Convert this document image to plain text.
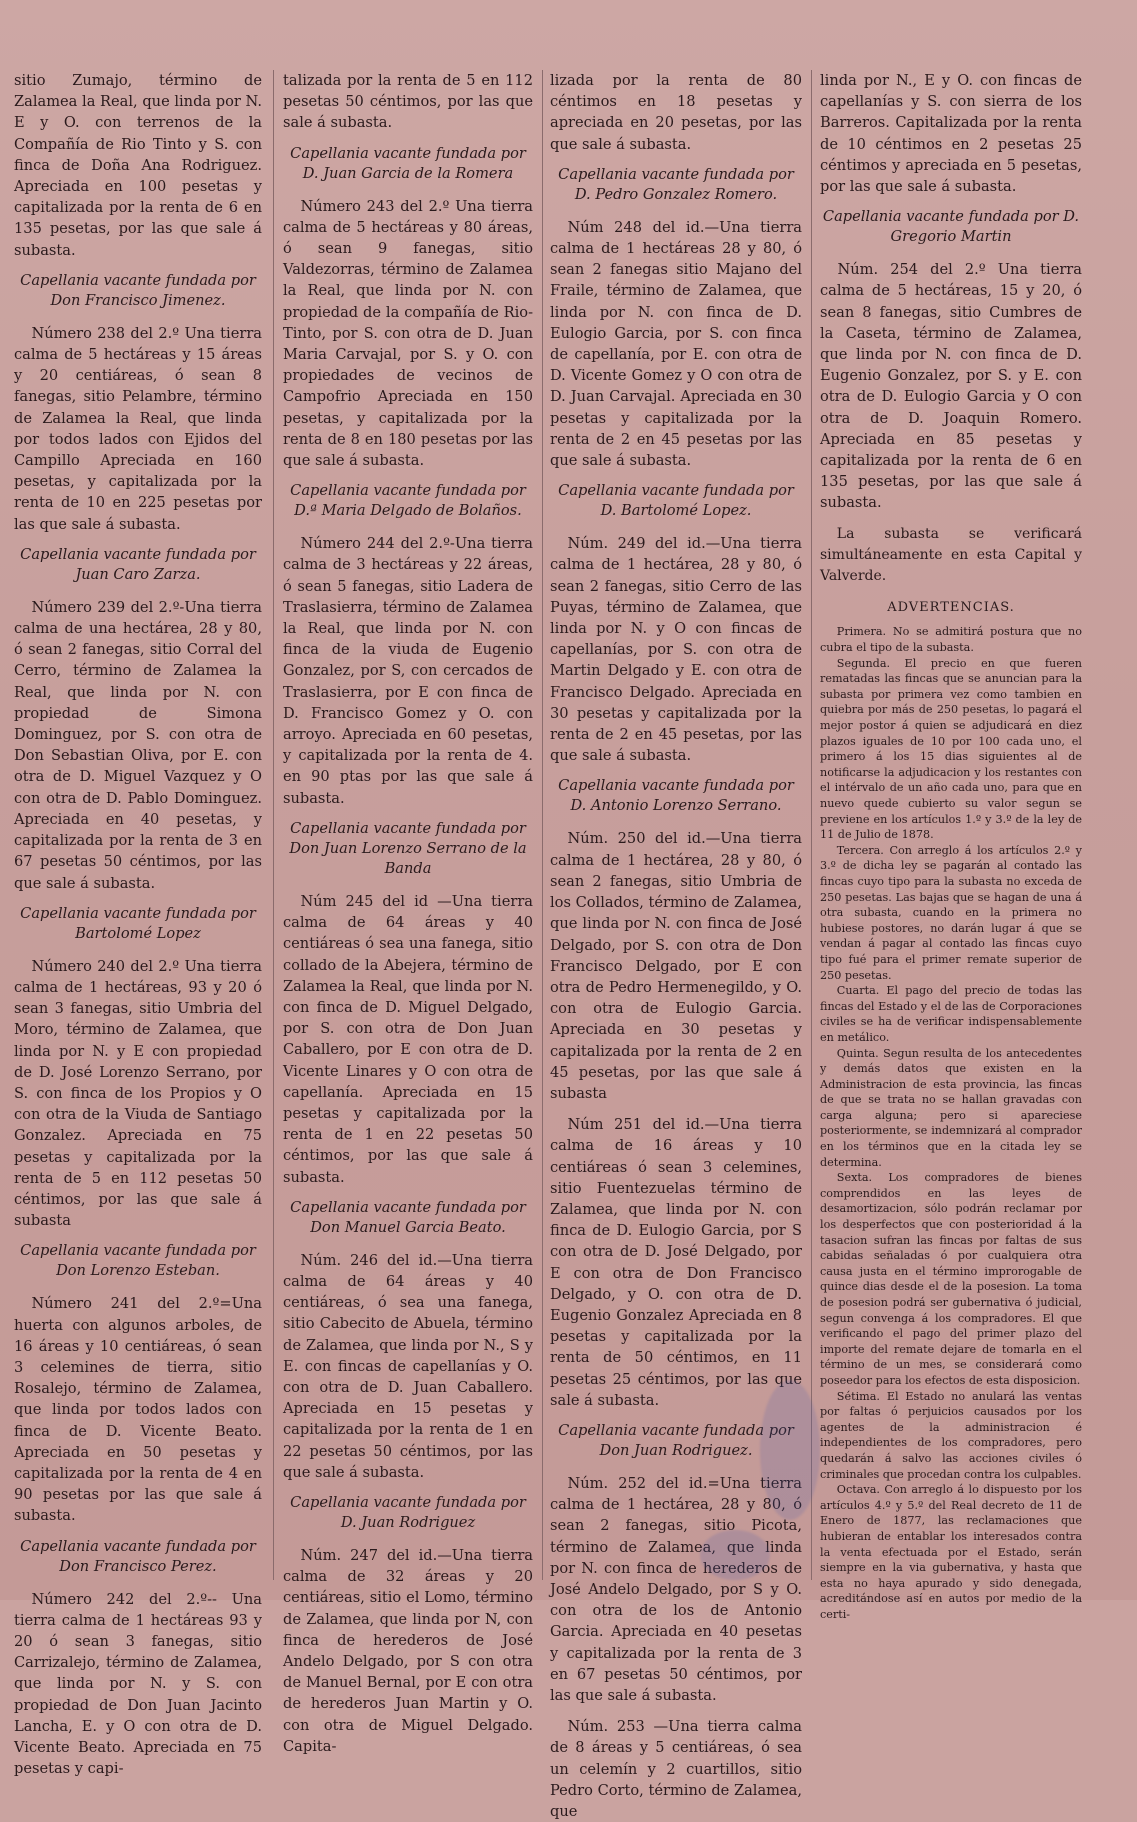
sitio Zumajo, término de Zalamea la Real, que linda por N. E y O. con terrenos de la Compañía de Rio Tinto y S. con finca de Doña Ana Rodriguez. Apreciada en 100 pesetas y capitalizada por la renta de 6 en 135 pesetas, por las que sale á subasta.

Capellania vacante fundada por Don Francisco Jimenez.

Número 238 del 2.º Una tierra calma de 5 hectáreas y 15 áreas y 20 centiáreas, ó sean 8 fanegas, sitio Pelambre, término de Zalamea la Real, que linda por todos lados con Ejidos del Campillo Apreciada en 160 pesetas, y capitalizada por la renta de 10 en 225 pesetas por las que sale á subasta.

Capellania vacante fundada por Juan Caro Zarza.

Número 239 del 2.º-Una tierra calma de una hectárea, 28 y 80, ó sean 2 fanegas, sitio Corral del Cerro, término de Zalamea la Real, que linda por N. con propiedad de Simona Dominguez, por S. con otra de Don Sebastian Oliva, por E. con otra de D. Miguel Vazquez y O con otra de D. Pablo Dominguez. Apreciada en 40 pesetas, y capitalizada por la renta de 3 en 67 pesetas 50 céntimos, por las que sale á subasta.

Capellania vacante fundada por Bartolomé Lopez

Número 240 del 2.º Una tierra calma de 1 hectáreas, 93 y 20 ó sean 3 fanegas, sitio Umbria del Moro, término de Zalamea, que linda por N. y E con propiedad de D. José Lorenzo Serrano, por S. con finca de los Propios y O con otra de la Viuda de Santiago Gonzalez. Apreciada en 75 pesetas y capitalizada por la renta de 5 en 112 pesetas 50 céntimos, por las que sale á subasta

Capellania vacante fundada por Don Lorenzo Esteban.

Número 241 del 2.º=Una huerta con algunos arboles, de 16 áreas y 10 centiáreas, ó sean 3 celemines de tierra, sitio Rosalejo, término de Zalamea, que linda por todos lados con finca de D. Vicente Beato. Apreciada en 50 pesetas y capitalizada por la renta de 4 en 90 pesetas por las que sale á subasta.

Capellania vacante fundada por Don Francisco Perez.

Número 242 del 2.º-- Una tierra calma de 1 hectáreas 93 y 20 ó sean 3 fanegas, sitio Carrizalejo, término de Zalamea, que linda por N. y S. con propiedad de Don Juan Jacinto Lancha, E. y O con otra de D. Vicente Beato. Apreciada en 75 pesetas y capi-

talizada por la renta de 5 en 112 pesetas 50 céntimos, por las que sale á subasta.

Capellania vacante fundada por D. Juan Garcia de la Romera

Número 243 del 2.º Una tierra calma de 5 hectáreas y 80 áreas, ó sean 9 fanegas, sitio Valdezorras, término de Zalamea la Real, que linda por N. con propiedad de la compañía de Rio-Tinto, por S. con otra de D. Juan Maria Carvajal, por S. y O. con propiedades de vecinos de Campofrio Apreciada en 150 pesetas, y capitalizada por la renta de 8 en 180 pesetas por las que sale á subasta.

Capellania vacante fundada por D.ª Maria Delgado de Bolaños.

Número 244 del 2.º-Una tierra calma de 3 hectáreas y 22 áreas, ó sean 5 fanegas, sitio Ladera de Traslasierra, término de Zalamea la Real, que linda por N. con finca de la viuda de Eugenio Gonzalez, por S, con cercados de Traslasierra, por E con finca de D. Francisco Gomez y O. con arroyo. Apreciada en 60 pesetas, y capitalizada por la renta de 4. en 90 ptas por las que sale á subasta.

Capellania vacante fundada por Don Juan Lorenzo Serrano de la Banda

Núm 245 del id —Una tierra calma de 64 áreas y 40 centiáreas ó sea una fanega, sitio collado de la Abejera, término de Zalamea la Real, que linda por N. con finca de D. Miguel Delgado, por S. con otra de Don Juan Caballero, por E con otra de D. Vicente Linares y O con otra de capellanía. Apreciada en 15 pesetas y capitalizada por la renta de 1 en 22 pesetas 50 céntimos, por las que sale á subasta.

Capellania vacante fundada por Don Manuel Garcia Beato.

Núm. 246 del id.—Una tierra calma de 64 áreas y 40 centiáreas, ó sea una fanega, sitio Cabecito de Abuela, término de Zalamea, que linda por N., S y E. con fincas de capellanías y O. con otra de D. Juan Caballero. Apreciada en 15 pesetas y capitalizada por la renta de 1 en 22 pesetas 50 céntimos, por las que sale á subasta.

Capellania vacante fundada por D. Juan Rodriguez

Núm. 247 del id.—Una tierra calma de 32 áreas y 20 centiáreas, sitio el Lomo, término de Zalamea, que linda por N, con finca de herederos de José Andelo Delgado, por S con otra de Manuel Bernal, por E con otra de herederos Juan Martin y O. con otra de Miguel Delgado. Capita-

lizada por la renta de 80 céntimos en 18 pesetas y apreciada en 20 pesetas, por las que sale á subasta.

Capellania vacante fundada por D. Pedro Gonzalez Romero.

Núm 248 del id.—Una tierra calma de 1 hectáreas 28 y 80, ó sean 2 fanegas sitio Majano del Fraile, término de Zalamea, que linda por N. con finca de D. Eulogio Garcia, por S. con finca de capellanía, por E. con otra de D. Vicente Gomez y O con otra de D. Juan Carvajal. Apreciada en 30 pesetas y capitalizada por la renta de 2 en 45 pesetas por las que sale á subasta.

Capellania vacante fundada por D. Bartolomé Lopez.

Núm. 249 del id.—Una tierra calma de 1 hectárea, 28 y 80, ó sean 2 fanegas, sitio Cerro de las Puyas, término de Zalamea, que linda por N. y O con fincas de capellanías, por S. con otra de Martin Delgado y E. con otra de Francisco Delgado. Apreciada en 30 pesetas y capitalizada por la renta de 2 en 45 pesetas, por las que sale á subasta.

Capellania vacante fundada por D. Antonio Lorenzo Serrano.

Núm. 250 del id.—Una tierra calma de 1 hectárea, 28 y 80, ó sean 2 fanegas, sitio Umbria de los Collados, término de Zalamea, que linda por N. con finca de José Delgado, por S. con otra de Don Francisco Delgado, por E con otra de Pedro Hermenegildo, y O. con otra de Eulogio Garcia. Apreciada en 30 pesetas y capitalizada por la renta de 2 en 45 pesetas, por las que sale á subasta

Núm 251 del id.—Una tierra calma de 16 áreas y 10 centiáreas ó sean 3 celemines, sitio Fuentezuelas término de Zalamea, que linda por N. con finca de D. Eulogio Garcia, por S con otra de D. José Delgado, por E con otra de Don Francisco Delgado, y O. con otra de D. Eugenio Gonzalez Apreciada en 8 pesetas y capitalizada por la renta de 50 céntimos, en 11 pesetas 25 céntimos, por las que sale á subasta.

Capellania vacante fundada por Don Juan Rodriguez.

Núm. 252 del id.=Una tierra calma de 1 hectárea, 28 y 80, ó sean 2 fanegas, sitio Picota, término de Zalamea, que linda por N. con finca de herederos de José Andelo Delgado, por S y O. con otra de los de Antonio Garcia. Apreciada en 40 pesetas y capitalizada por la renta de 3 en 67 pesetas 50 céntimos, por las que sale á subasta.

Núm. 253 —Una tierra calma de 8 áreas y 5 centiáreas, ó sea un celemín y 2 cuartillos, sitio Pedro Corto, término de Zalamea, que

linda por N., E y O. con fincas de capellanías y S. con sierra de los Barreros. Capitalizada por la renta de 10 céntimos en 2 pesetas 25 céntimos y apreciada en 5 pesetas, por las que sale á subasta.

Capellania vacante fundada por D. Gregorio Martin

Núm. 254 del 2.º Una tierra calma de 5 hectáreas, 15 y 20, ó sean 8 fanegas, sitio Cumbres de la Caseta, término de Zalamea, que linda por N. con finca de D. Eugenio Gonzalez, por S. y E. con otra de D. Eulogio Garcia y O con otra de D. Joaquin Romero. Apreciada en 85 pesetas y capitalizada por la renta de 6 en 135 pesetas, por las que sale á subasta.

La subasta se verificará simultáneamente en esta Capital y Valverde.

ADVERTENCIAS.

Primera. No se admitirá postura que no cubra el tipo de la subasta.

Segunda. El precio en que fueren rematadas las fincas que se anuncian para la subasta por primera vez como tambien en quiebra por más de 250 pesetas, lo pagará el mejor postor á quien se adjudicará en diez plazos iguales de 10 por 100 cada uno, el primero á los 15 dias siguientes al de notificarse la adjudicacion y los restantes con el intérvalo de un año cada uno, para que en nuevo quede cubierto su valor segun se previene en los artículos 1.º y 3.º de la ley de 11 de Julio de 1878.

Tercera. Con arreglo á los artículos 2.º y 3.º de dicha ley se pagarán al contado las fincas cuyo tipo para la subasta no exceda de 250 pesetas. Las bajas que se hagan de una á otra subasta, cuando en la primera no hubiese postores, no darán lugar á que se vendan á pagar al contado las fincas cuyo tipo fué para el primer remate superior de 250 pesetas.

Cuarta. El pago del precio de todas las fincas del Estado y el de las de Corporaciones civiles se ha de verificar indispensablemente en metálico.

Quinta. Segun resulta de los antecedentes y demás datos que existen en la Administracion de esta provincia, las fincas de que se trata no se hallan gravadas con carga alguna; pero si apareciese posteriormente, se indemnizará al comprador en los términos que en la citada ley se determina.

Sexta. Los compradores de bienes comprendidos en las leyes de desamortizacion, sólo podrán reclamar por los desperfectos que con posterioridad á la tasacion sufran las fincas por faltas de sus cabidas señaladas ó por cualquiera otra causa justa en el término improrogable de quince dias desde el de la posesion. La toma de posesion podrá ser gubernativa ó judicial, segun convenga á los compradores. El que verificando el pago del primer plazo del importe del remate dejare de tomarla en el término de un mes, se considerará como poseedor para los efectos de esta disposicion.

Sétima. El Estado no anulará las ventas por faltas ó perjuicios causados por los agentes de la administracion é independientes de los compradores, pero quedarán á salvo las acciones civiles ó criminales que procedan contra los culpables.

Octava. Con arreglo á lo dispuesto por los artículos 4.º y 5.º del Real decreto de 11 de Enero de 1877, las reclamaciones que hubieran de entablar los interesados contra la venta efectuada por el Estado, serán siempre en la via gubernativa, y hasta que esta no haya apurado y sido denegada, acreditándose así en autos por medio de la certi-
